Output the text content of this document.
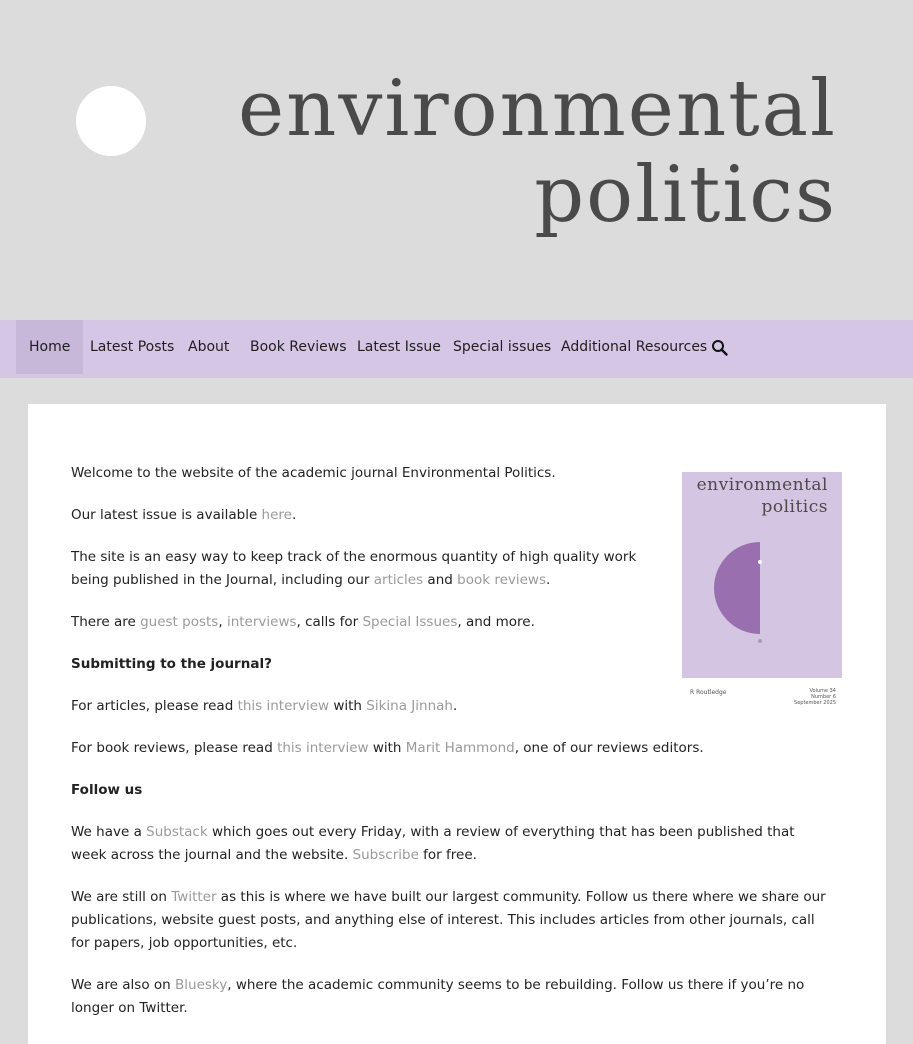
environmental
politics
Home	Latest Posts About Book Reviews Latest Issue Special issues Additional Resources

Welcome to the website of the academic journal Environmental Politics.

Our latest issue is available here.

The site is an easy way to keep track of the enormous quantity of high quality work being published in the Journal, including our articles and book reviews.

There are guest posts, interviews, calls for Special Issues, and more.

Submitting to the journal?

For articles, please read this interview with Sikina Jinnah.

For book reviews, please read this interview with Marit Hammond, one of our reviews editors.

Follow us

We have a Substack which goes out every Friday, with a review of everything that has been published that week across the journal and the website. Subscribe for free.

We are still on Twitter as this is where we have built our largest community. Follow us there where we share our publications, website guest posts, and anything else of interest. This includes articles from other journals, call for papers, job opportunities, etc.

We are also on Bluesky, where the academic community seems to be rebuilding. Follow us there if you’re no longer on Twitter.

environmental
politics
R Routledge	Volume 34
Number 6
September 2025
